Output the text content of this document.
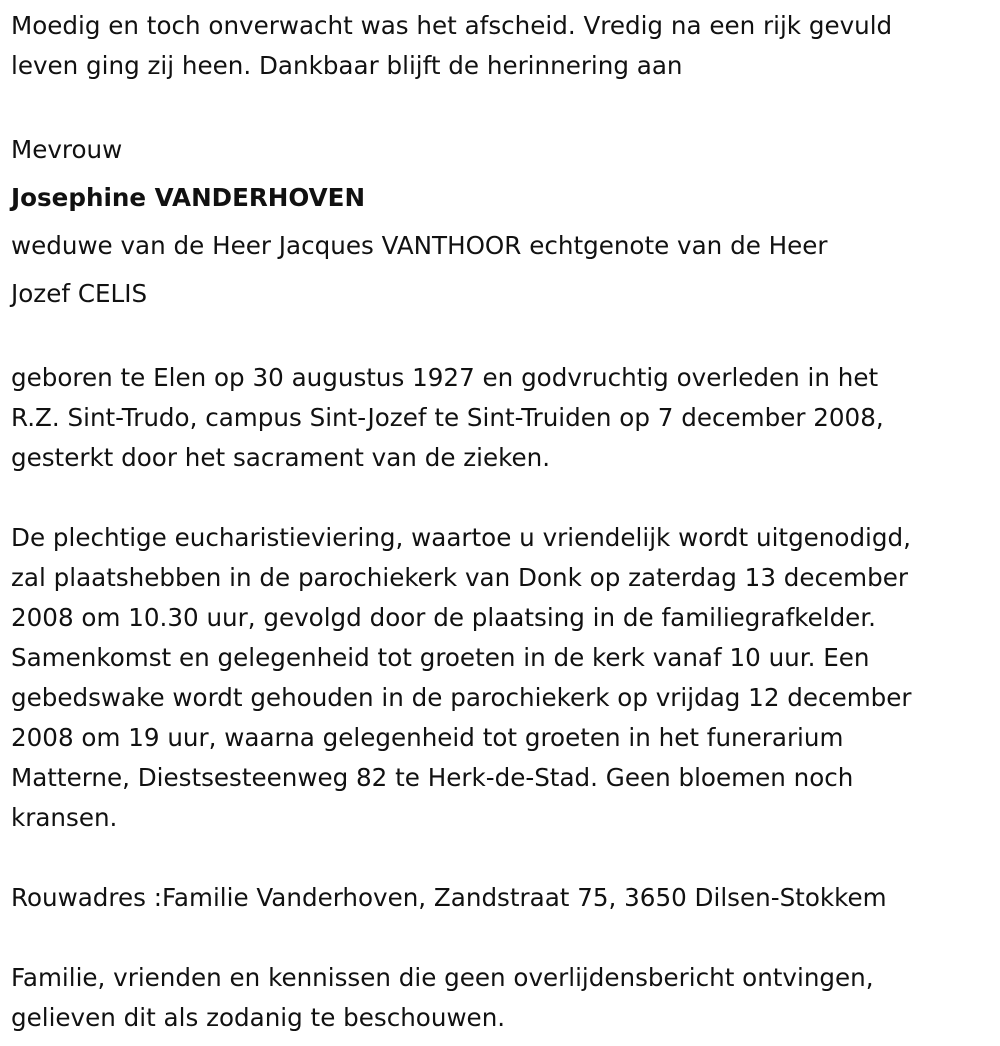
Moedig en toch onverwacht was het afscheid. Vredig na een rijk gevuld
leven ging zij heen. Dankbaar blijft de herinnering aan
Mevrouw
Josephine VANDERHOVEN
weduwe van de Heer Jacques VANTHOOR echtgenote van de Heer
Jozef CELIS
geboren te Elen op 30 augustus 1927 en godvruchtig overleden in het
R.Z. Sint-Trudo, campus Sint-Jozef te Sint-Truiden op 7 december 2008,
gesterkt door het sacrament van de zieken.
De plechtige eucharistieviering, waartoe u vriendelijk wordt uitgenodigd,
zal plaatshebben in de parochiekerk van Donk op zaterdag 13 december
2008 om 10.30 uur, gevolgd door de plaatsing in de familiegrafkelder.
Samenkomst en gelegenheid tot groeten in de kerk vanaf 10 uur. Een
gebedswake wordt gehouden in de parochiekerk op vrijdag 12 december
2008 om 19 uur, waarna gelegenheid tot groeten in het funerarium
Matterne, Diestsesteenweg 82 te Herk-de-Stad. Geen bloemen noch
kransen.
Rouwadres :Familie Vanderhoven, Zandstraat 75, 3650 Dilsen-Stokkem
Familie, vrienden en kennissen die geen overlijdensbericht ontvingen,
gelieven dit als zodanig te beschouwen.
